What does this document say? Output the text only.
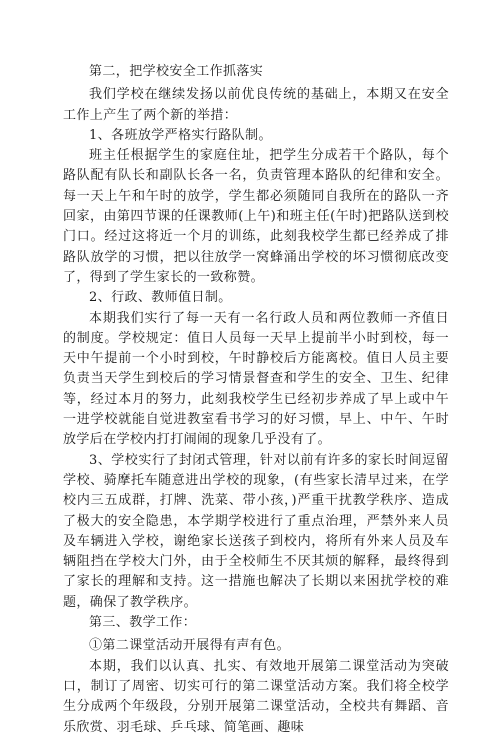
第二，把学校安全工作抓落实

我们学校在继续发扬以前优良传统的基础上，本期又在安全工作上产生了两个新的举措：

1、各班放学严格实行路队制。

班主任根据学生的家庭住址，把学生分成若干个路队，每个路队配有队长和副队长各一名，负责管理本路队的纪律和安全。每一天上午和午时的放学，学生都必须随同自我所在的路队一齐回家，由第四节课的任课教师(上午)和班主任(午时)把路队送到校门口。经过这将近一个月的训练，此刻我校学生都已经养成了排路队放学的习惯，把以往放学一窝蜂涌出学校的坏习惯彻底改变了，得到了学生家长的一致称赞。

2、行政、教师值日制。

本期我们实行了每一天有一名行政人员和两位教师一齐值日的制度。学校规定：值日人员每一天早上提前半小时到校，每一天中午提前一个小时到校，午时静校后方能离校。值日人员主要负责当天学生到校后的学习情景督查和学生的安全、卫生、纪律等，经过本月的努力，此刻我校学生已经初步养成了早上或中午一进学校就能自觉进教室看书学习的好习惯，早上、中午、午时放学后在学校内打打闹闹的现象几乎没有了。

3、学校实行了封闭式管理，针对以前有许多的家长时间逗留学校、骑摩托车随意进出学校的现象，(有些家长清早过来，在学校内三五成群，打牌、洗菜、带小孩，)严重干扰教学秩序、造成了极大的安全隐患，本学期学校进行了重点治理，严禁外来人员及车辆进入学校，谢绝家长送孩子到校内，将所有外来人员及车辆阻挡在学校大门外，由于全校师生不厌其烦的解释，最终得到了家长的理解和支持。这一措施也解决了长期以来困扰学校的难题，确保了教学秩序。

第三、教学工作：

①第二课堂活动开展得有声有色。

本期，我们以认真、扎实、有效地开展第二课堂活动为突破口，制订了周密、切实可行的第二课堂活动方案。我们将全校学生分成两个年级段，分别开展第二课堂活动，全校共有舞蹈、音乐欣赏、羽毛球、乒乓球、简笔画、趣味
